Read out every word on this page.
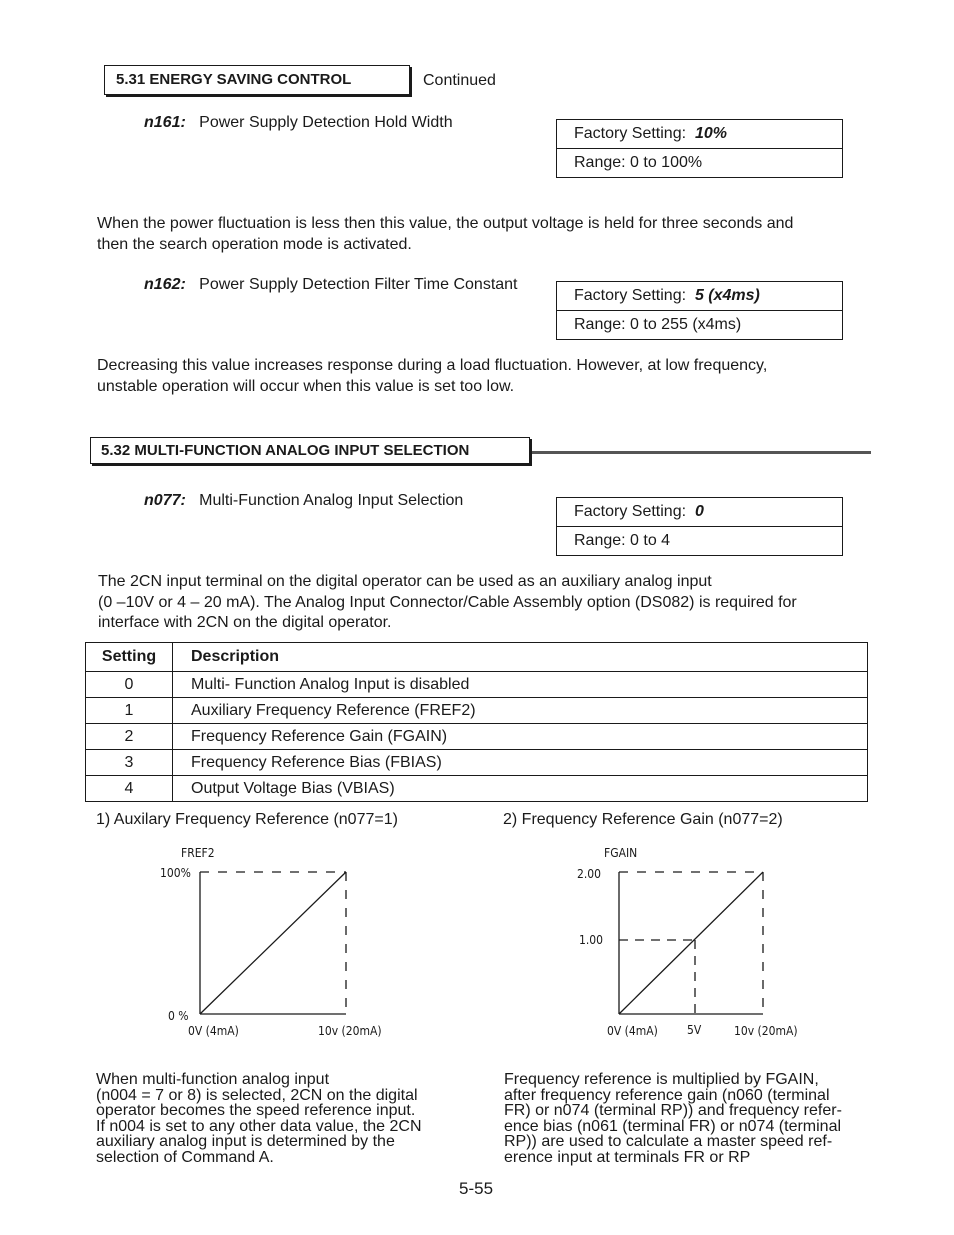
5.31 ENERGY SAVING CONTROL	Continued
n161: Power Supply Detection Hold Width
Factory Setting: 10%
Range: 0 to 100%
When the power fluctuation is less then this value, the output voltage is held for three seconds and
then the search operation mode is activated.
n162: Power Supply Detection Filter Time Constant
Factory Setting: 5 (x4ms)
Range: 0 to 255 (x4ms)
Decreasing this value increases response during a load fluctuation. However, at low frequency,
unstable operation will occur when this value is set too low.
5.32 MULTI-FUNCTION ANALOG INPUT SELECTION
n077: Multi-Function Analog Input Selection
Factory Setting: 0
Range: 0 to 4
The 2CN input terminal on the digital operator can be used as an auxiliary analog input
(0 –10V or 4 – 20 mA). The Analog Input Connector/Cable Assembly option (DS082) is required for
interface with 2CN on the digital operator.
Setting	Description
0	Multi- Function Analog Input is disabled
1	Auxiliary Frequency Reference (FREF2)
2	Frequency Reference Gain (FGAIN)
3	Frequency Reference Bias (FBIAS)
4	Output Voltage Bias (VBIAS)
1) Auxilary Frequency Reference (n077=1)	2) Frequency Reference Gain (n077=2)
FREF2
100%
0 %
0V (4mA)	10v (20mA)
FGAIN
2.00
1.00
0V (4mA) 5V	10v (20mA)
When multi-function analog input
(n004 = 7 or 8) is selected, 2CN on the digital
operator becomes the speed reference input.
If n004 is set to any other data value, the 2CN
auxiliary analog input is determined by the
selection of Command A.
Frequency reference is multiplied by FGAIN,
after frequency reference gain (n060 (terminal
FR) or n074 (terminal RP)) and frequency refer-
ence bias (n061 (terminal FR) or n074 (terminal
RP)) are used to calculate a master speed ref-
erence input at terminals FR or RP
5-55
